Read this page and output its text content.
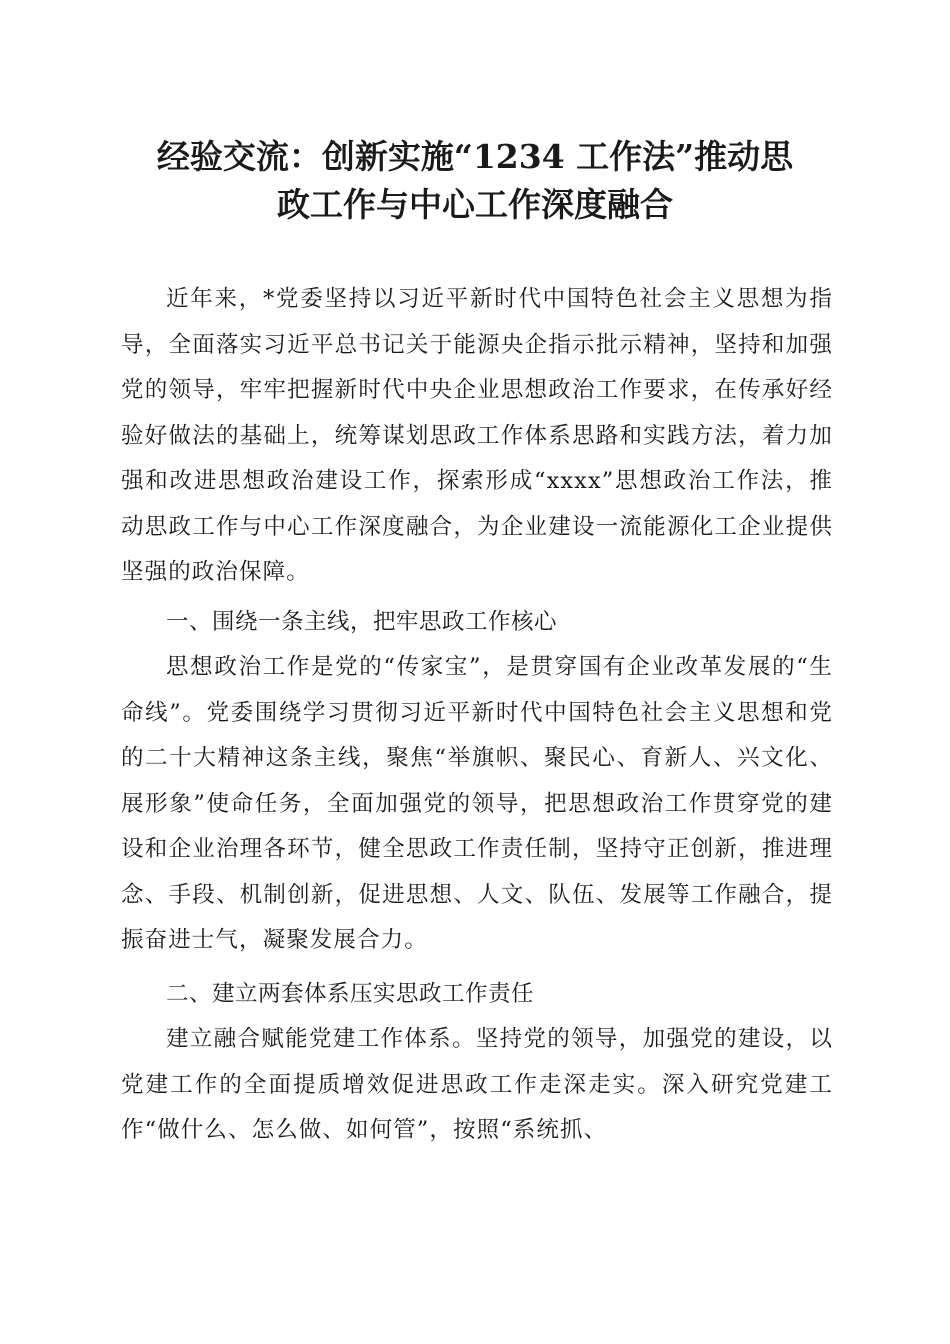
经验交流：创新实施“1234 工作法”推动思
政工作与中心工作深度融合

近年来，*党委坚持以习近平新时代中国特色社会主义思想为指导，全面落实习近平总书记关于能源央企指示批示精神，坚持和加强党的领导，牢牢把握新时代中央企业思想政治工作要求，在传承好经验好做法的基础上，统筹谋划思政工作体系思路和实践方法，着力加强和改进思想政治建设工作，探索形成“xxxx”思想政治工作法，推动思政工作与中心工作深度融合，为企业建设一流能源化工企业提供坚强的政治保障。

一、围绕一条主线，把牢思政工作核心

思想政治工作是党的“传家宝”，是贯穿国有企业改革发展的“生命线”。党委围绕学习贯彻习近平新时代中国特色社会主义思想和党的二十大精神这条主线，聚焦“举旗帜、聚民心、育新人、兴文化、展形象”使命任务，全面加强党的领导，把思想政治工作贯穿党的建设和企业治理各环节，健全思政工作责任制，坚持守正创新，推进理念、手段、机制创新，促进思想、人文、队伍、发展等工作融合，提振奋进士气，凝聚发展合力。

二、建立两套体系压实思政工作责任

建立融合赋能党建工作体系。坚持党的领导，加强党的建设，以党建工作的全面提质增效促进思政工作走深走实。深入研究党建工作“做什么、怎么做、如何管”，按照“系统抓、
